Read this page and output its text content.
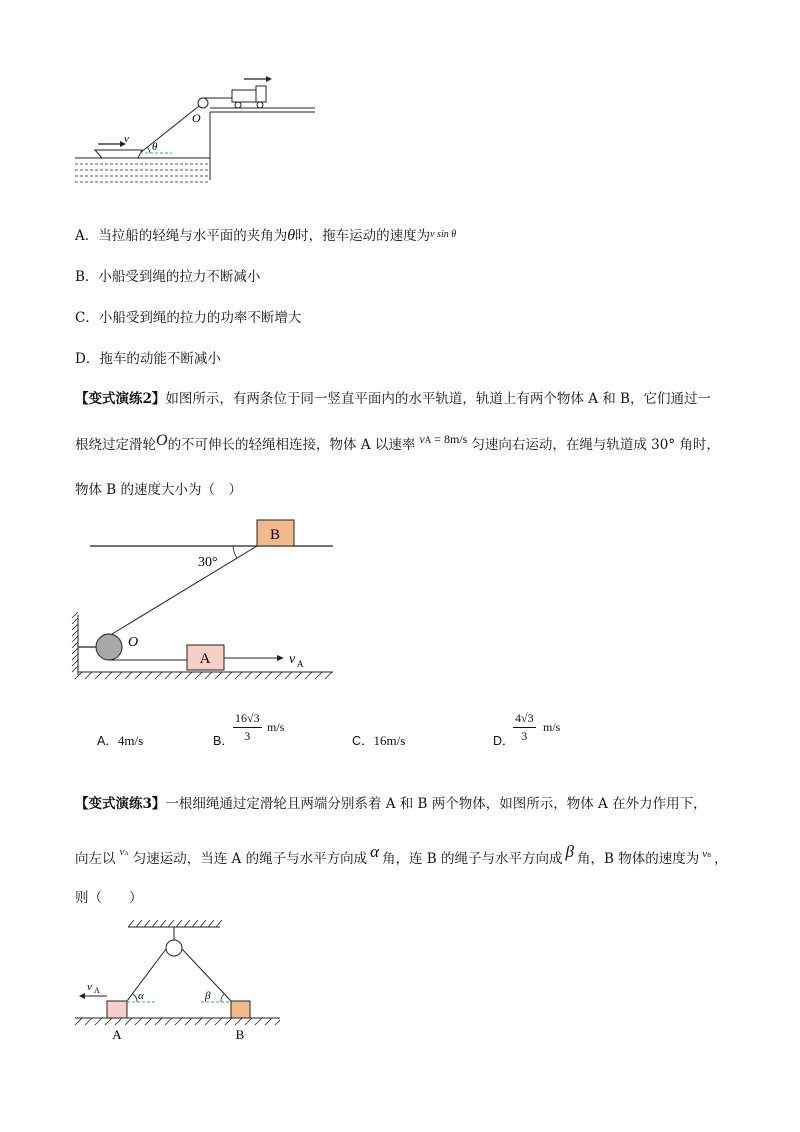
v
θ
O
A．当拉船的轻绳与水平面的夹角为θ时，拖车运动的速度为$^{v sin \theta}$
B．小船受到绳的拉力不断减小
C．小船受到绳的拉力的功率不断增大
D．拖车的动能不断减小
【变式演练2】如图所示，有两条位于同一竖直平面内的水平轨道，轨道上有两个物体 A 和 B，它们通过一
根绕过定滑轮O的不可伸长的轻绳相连接，物体 A 以速率 vA = 8m/s 匀速向右运动，在绳与轨道成 30° 角时，
物体 B 的速度大小为（　）
B
30°
O
A	v A
A．4m/s	B．
16√3
3
m/s
C．16m/s	D．
4√3
3
m/s
【变式演练3】一根细绳通过定滑轮且两端分别系着 A 和 B 两个物体，如图所示，物体 A 在外力作用下，
向左以 vA 匀速运动，当连 A 的绳子与水平方向成 α 角，连 B 的绳子与水平方向成 β 角，B 物体的速度为 vB ，
则（　　）
α	β
v A
A	B
